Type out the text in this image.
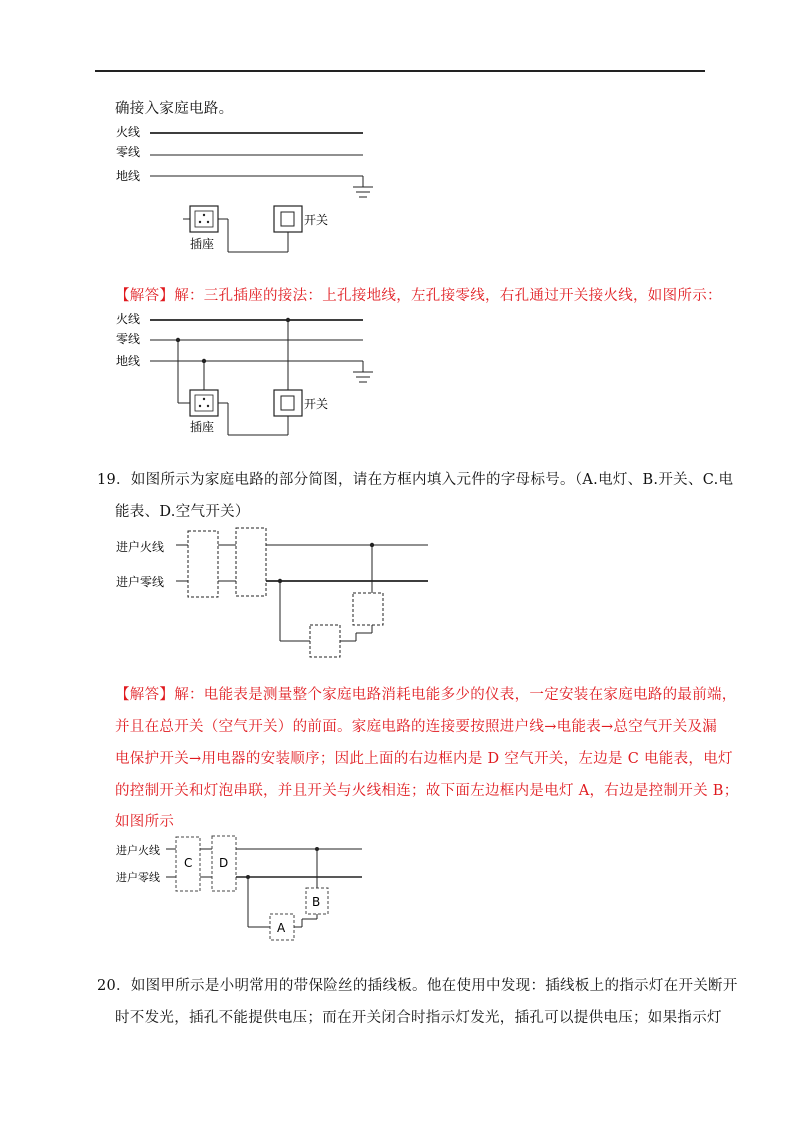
确接入家庭电路。
火线
零线
地线
插座
开关
【解答】解：三孔插座的接法：上孔接地线，左孔接零线，右孔通过开关接火线，如图所示：
火线
零线
地线
插座
开关
19．如图所示为家庭电路的部分简图，请在方框内填入元件的字母标号。（A.电灯、B.开关、C.电
能表、D.空气开关）
进户火线
进户零线
【解答】解：电能表是测量整个家庭电路消耗电能多少的仪表，一定安装在家庭电路的最前端，
并且在总开关（空气开关）的前面。家庭电路的连接要按照进户线→电能表→总空气开关及漏
电保护开关→用电器的安装顺序；因此上面的右边框内是 D 空气开关，左边是 C 电能表，电灯
的控制开关和灯泡串联，并且开关与火线相连；故下面左边框内是电灯 A，右边是控制开关 B；
如图所示
进户火线
进户零线
C D
B
A
20．如图甲所示是小明常用的带保险丝的插线板。他在使用中发现：插线板上的指示灯在开关断开
时不发光，插孔不能提供电压；而在开关闭合时指示灯发光，插孔可以提供电压；如果指示灯
